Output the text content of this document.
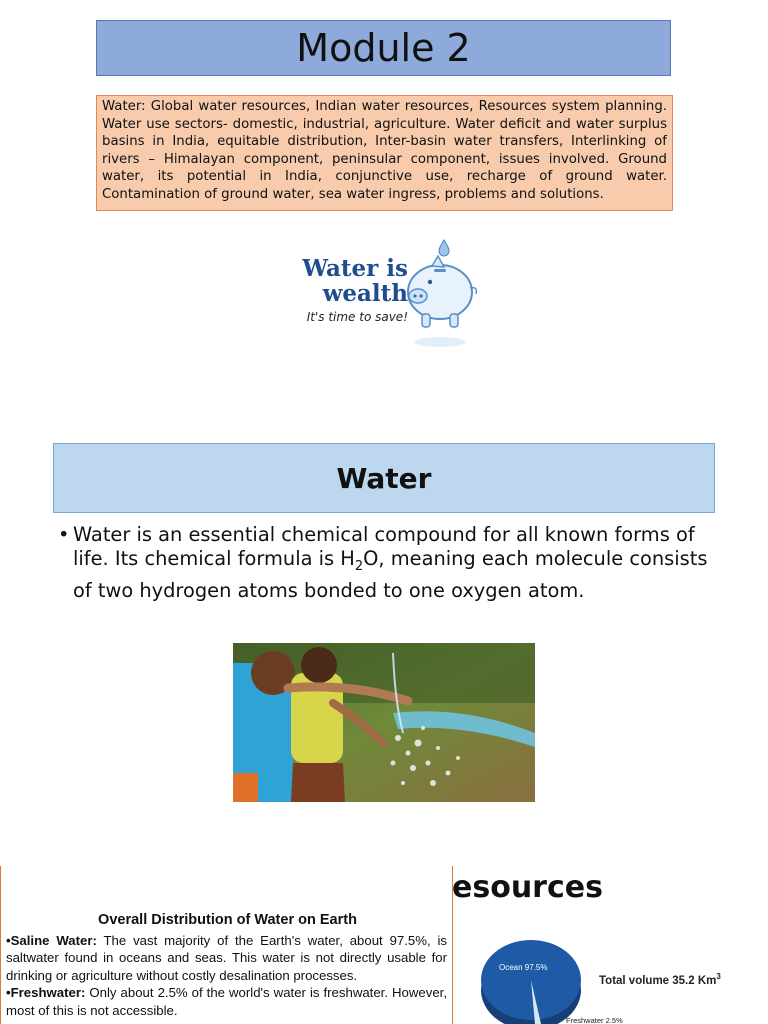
Module 2
Water: Global water resources, Indian water resources, Resources system planning. Water use sectors- domestic, industrial, agriculture. Water deficit and water surplus basins in India, equitable distribution, Inter-basin water transfers, Interlinking of rivers – Himalayan component, peninsular component, issues involved. Ground water, its potential in India, conjunctive use, recharge of ground water. Contamination of ground water, sea water ingress, problems and solutions.
Water is
wealth
It's time to save!
Water
• Water is an essential chemical compound for all known forms of life. Its chemical formula is $H_2O$, meaning each molecule consists of two hydrogen atoms bonded to one oxygen atom.
Overall Distribution of Water on Earth
•Saline Water: The vast majority of the Earth's water, about 97.5%, is saltwater found in oceans and seas. This water is not directly usable for drinking or agriculture without costly desalination processes.
•Freshwater: Only about 2.5% of the world's water is freshwater. However, most of this is not accessible.
esources
Ocean 97.5%
Total volume 35.2 Km$^3$
Freshwater 2.5%
